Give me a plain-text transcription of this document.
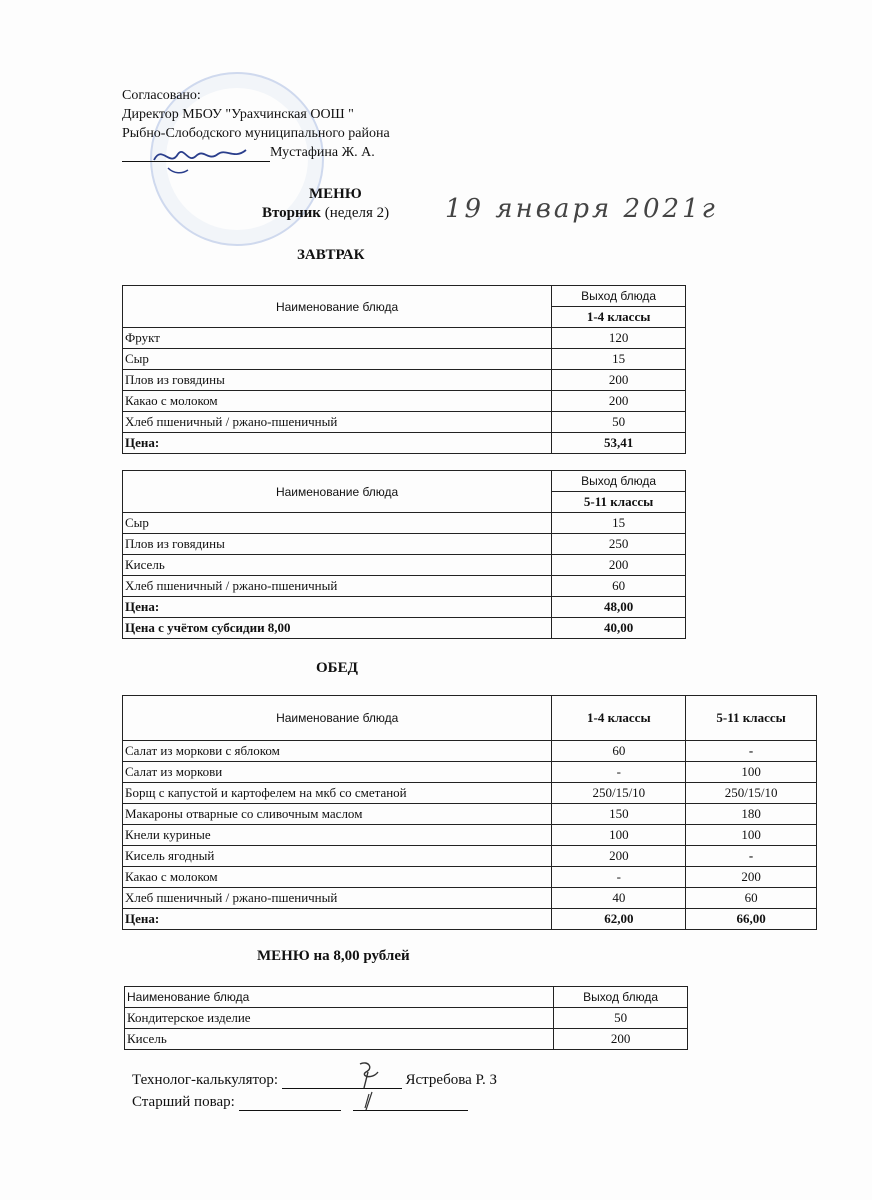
Согласовано:
Директор МБОУ "Урахчинская ООШ "
Рыбно-Слободского муниципального района
Мустафина Ж. А.
МЕНЮ
Вторник (неделя 2) 19 января 2021г
ЗАВТРАК
Наименование блюда	Выход блюда
	1-4 классы
Фрукт	120
Сыр	15
Плов из говядины	200
Какао с молоком	200
Хлеб пшеничный / ржано-пшеничный	50
Цена:	53,41
Наименование блюда	Выход блюда
	5-11 классы
Сыр	15
Плов из говядины	250
Кисель	200
Хлеб пшеничный / ржано-пшеничный	60
Цена:	48,00
Цена с учётом субсидии 8,00	40,00
ОБЕД
Наименование блюда	1-4 классы	5-11 классы
Салат из моркови с яблоком	60	-
Салат из моркови	-	100
Борщ с капустой и картофелем на мкб со сметаной	250/15/10	250/15/10
Макароны отварные со сливочным маслом	150	180
Кнели куриные	100	100
Кисель ягодный	200	-
Какао с молоком	-	200
Хлеб пшеничный / ржано-пшеничный	40	60
Цена:	62,00	66,00
МЕНЮ на 8,00 рублей
Наименование блюда	Выход блюда
Кондитерское изделие	50
Кисель	200
Технолог-калькулятор:	Ястребова Р. З
Старший повар:
